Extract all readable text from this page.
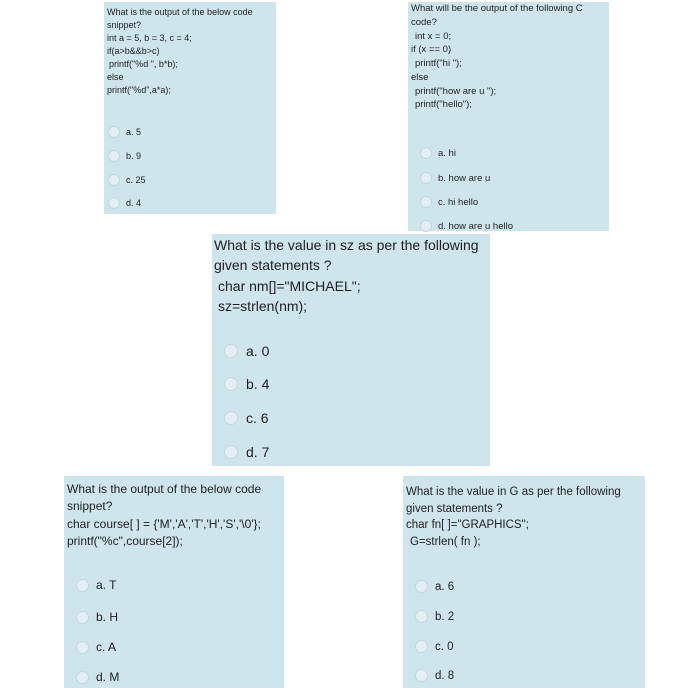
What is the output of the below code
snippet?
int a = 5, b = 3, c = 4;
if(a>b&&b>c)
printf("%d ", b*b);
else
printf("%d",a*a);
a. 5
b. 9
c. 25
d. 4
What will be the output of the following C
code?
int x = 0;
if (x == 0)
printf("hi ");
else
printf("how are u ");
printf("hello");
a. hi
b. how are u
c. hi hello
d. how are u hello
What is the value in sz as per the following
given statements ?
char nm[]="MICHAEL";
sz=strlen(nm);
a. 0
b. 4
c. 6
d. 7
What is the output of the below code
snippet?
char course[ ] = {'M','A','T','H','S','\0'};
printf("%c",course[2]);
a. T
b. H
c. A
d. M
What is the value in G as per the following
given statements ?
char fn[ ]="GRAPHICS";
G=strlen( fn );
a. 6
b. 2
c. 0
d. 8
